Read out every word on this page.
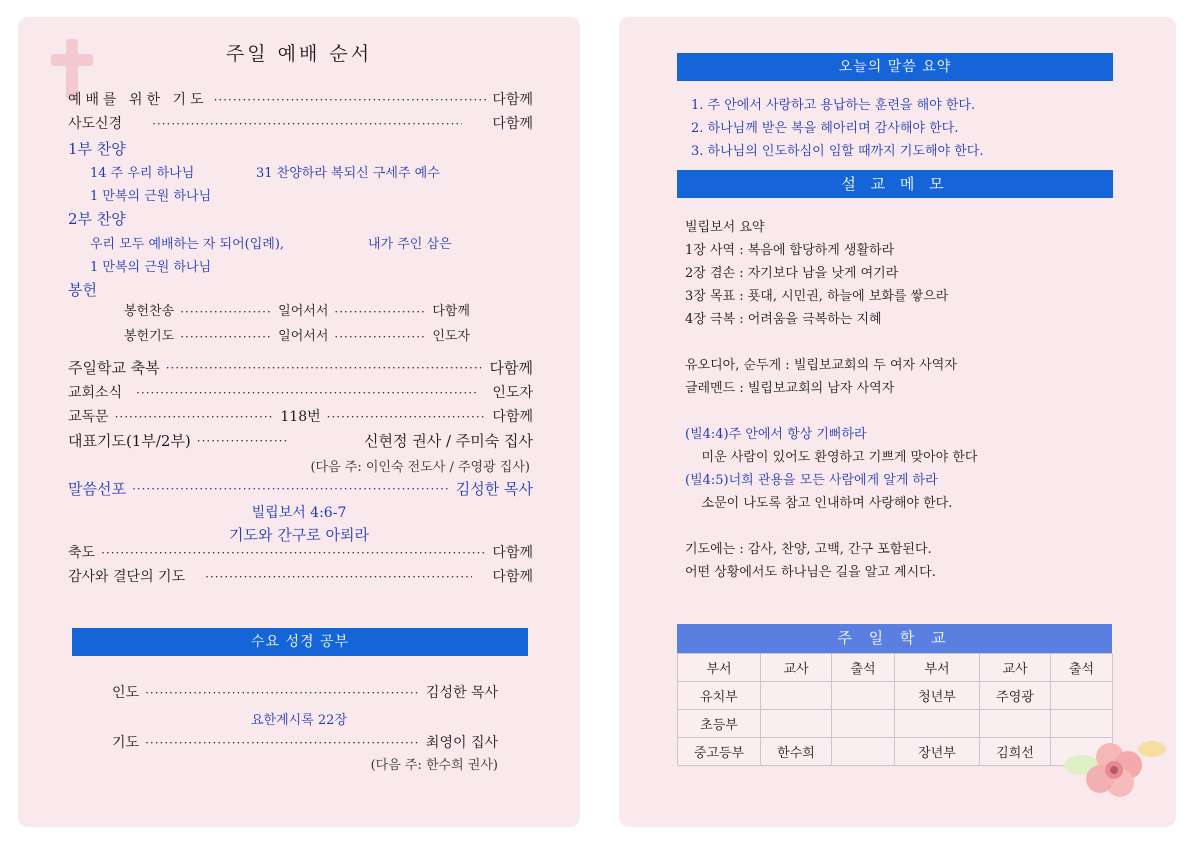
주일 예배 순서
예배를 위한 기도 ·····	다함께
사도신경 ·····	다함께
1부 찬양
14 주 우리 하나님	31 찬양하라 복되신 구세주 예수
1 만복의 근원 하나님
2부 찬양
우리 모두 예배하는 자 되어(입례),	내가 주인 삼은
1 만복의 근원 하나님
봉헌
봉헌찬송 ·····	일어서서 ·····	다함께
봉헌기도 ·····	일어서서 ·····	인도자
주일학교 축복 ·····	다함께
교회소식 ·····	인도자
교독문 ·····	118번 ·····	다함께
대표기도(1부/2부) ·····	신현정 권사 / 주미숙 집사
(다음 주: 이인숙 전도사 / 주영광 집사)
말씀선포 ·····	김성한 목사
빌립보서 4:6-7
기도와 간구로 아뢰라
축도 ·····	다함께
감사와 결단의 기도 ·····	다함께
수요 성경 공부
인도 ·····	김성한 목사
요한계시록 22장
기도 ·····	최영이 집사
(다음 주: 한수희 권사)
오늘의 말씀 요약
1. 주 안에서 사랑하고 용납하는 훈련을 해야 한다.
2. 하나님께 받은 복을 헤아리며 감사해야 한다.
3. 하나님의 인도하심이 임할 때까지 기도해야 한다.
설 교 메 모
빌립보서 요약
1장 사역 : 복음에 합당하게 생활하라
2장 겸손 : 자기보다 남을 낫게 여기라
3장 목표 : 푯대, 시민권, 하늘에 보화를 쌓으라
4장 극복 : 어려움을 극복하는 지혜
유오디아, 순두게 : 빌립보교회의 두 여자 사역자
글레멘드 : 빌립보교회의 남자 사역자
(빌4:4)주 안에서 항상 기뻐하라
미운 사람이 있어도 환영하고 기쁘게 맞아야 한다
(빌4:5)너희 관용을 모든 사람에게 알게 하라
소문이 나도록 참고 인내하며 사랑해야 한다.
기도에는 : 감사, 찬양, 고백, 간구 포함된다.
어떤 상황에서도 하나님은 길을 알고 계시다.
주 일 학 교
부서	교사	출석	부서	교사	출석
유치부			청년부	주영광	
초등부					
중고등부	한수희		장년부	김희선	
